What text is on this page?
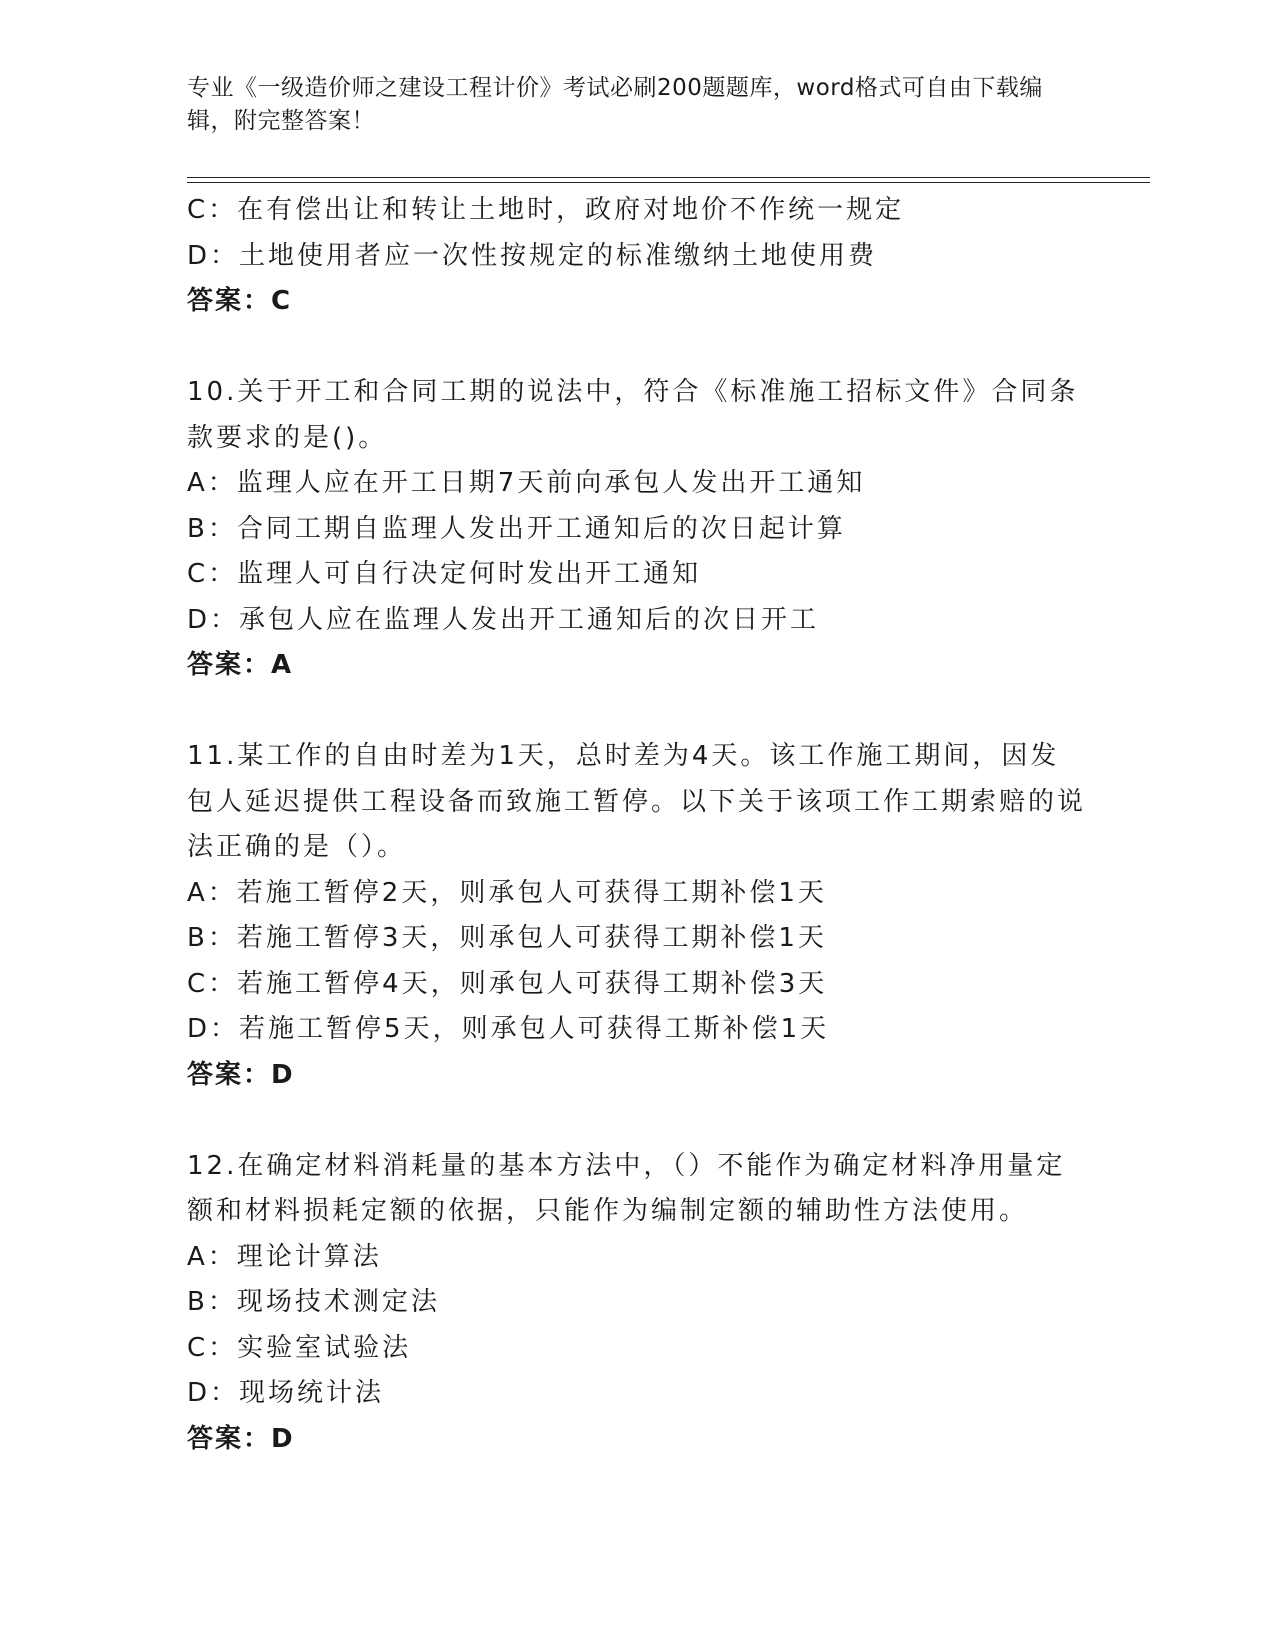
专业《一级造价师之建设工程计价》考试必刷200题题库，word格式可自由下载编辑，附完整答案！
C：在有偿出让和转让土地时，政府对地价不作统一规定
D：土地使用者应一次性按规定的标准缴纳土地使用费
答案：C
10.关于开工和合同工期的说法中，符合《标准施工招标文件》合同条款要求的是()。
A：监理人应在开工日期7天前向承包人发出开工通知
B：合同工期自监理人发出开工通知后的次日起计算
C：监理人可自行决定何时发出开工通知
D：承包人应在监理人发出开工通知后的次日开工
答案：A
11.某工作的自由时差为1天，总时差为4天。该工作施工期间，因发包人延迟提供工程设备而致施工暂停。以下关于该项工作工期索赔的说法正确的是（）。
A：若施工暂停2天，则承包人可获得工期补偿1天
B：若施工暂停3天，则承包人可获得工期补偿1天
C：若施工暂停4天，则承包人可获得工期补偿3天
D：若施工暂停5天，则承包人可获得工斯补偿1天
答案：D
12.在确定材料消耗量的基本方法中，（）不能作为确定材料净用量定额和材料损耗定额的依据，只能作为编制定额的辅助性方法使用。
A：理论计算法
B：现场技术测定法
C：实验室试验法
D：现场统计法
答案：D
